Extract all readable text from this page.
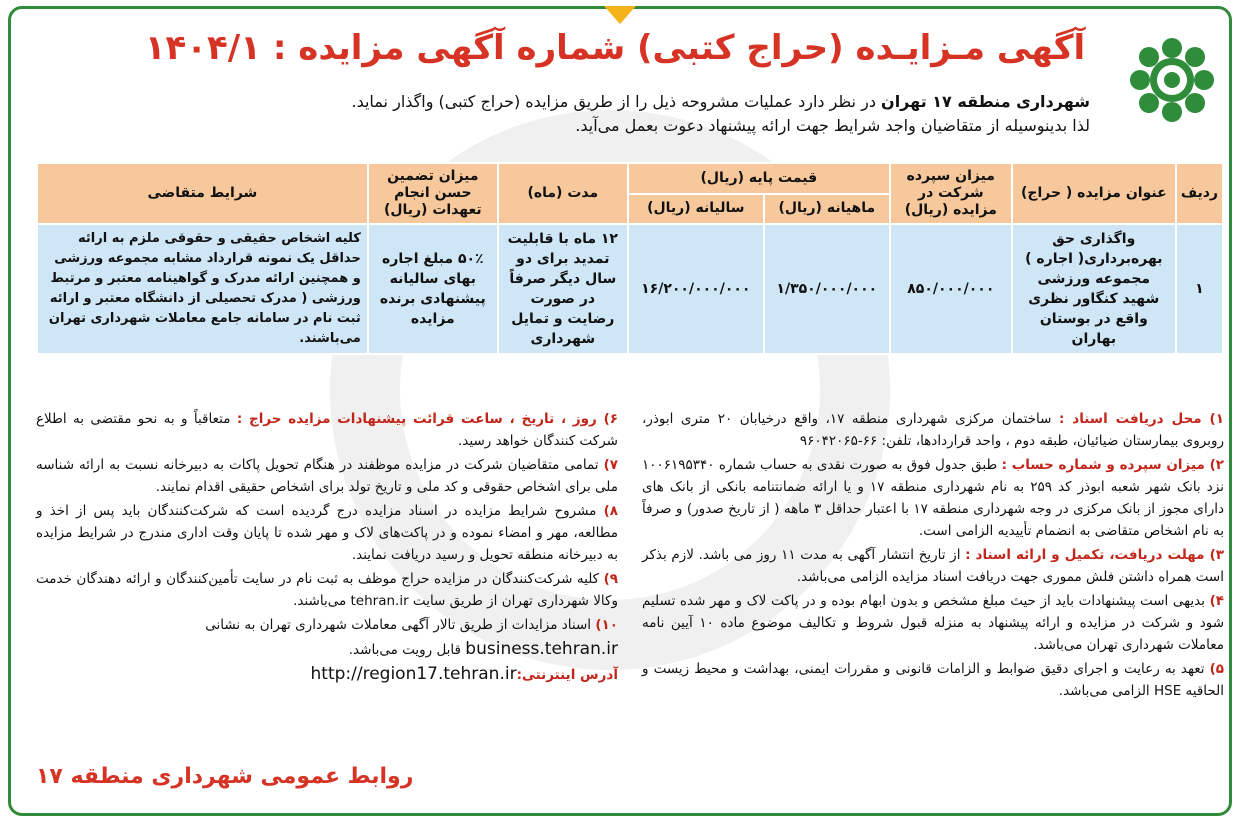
آگهی مـزایـده (حراج کتبی) شماره آگهی مزایده : ۱۴۰۴/۱
شهرداری منطقه ۱۷ تهران در نظر دارد عملیات مشروحه ذیل را از طریق مزایده (حراج کتبی) واگذار نماید.
لذا بدینوسیله از متقاضیان واجد شرایط جهت ارائه پیشنهاد دعوت بعمل می‌آید.
ردیف	عنوان مزایده ( حراج)	میزان سپرده شرکت در مزایده (ریال)	قیمت پایه (ریال)		مدت (ماه)	میزان تضمین حسن انجام تعهدات (ریال)	شرایط متقاضی
			ماهیانه (ریال)	سالیانه (ریال)			
۱	واگذاری حق بهره‌برداری( اجاره ) مجموعه ورزشی شهید کنگاور نظری واقع در بوستان بهاران	۸۵۰/۰۰۰/۰۰۰	۱/۳۵۰/۰۰۰/۰۰۰	۱۶/۲۰۰/۰۰۰/۰۰۰	۱۲ ماه با قابلیت تمدید برای دو سال دیگر صرفاً در صورت رضایت و تمایل شهرداری	۵۰٪ مبلغ اجاره بهای سالیانه پیشنهادی برنده مزایده	کلیه اشخاص حقیقی و حقوقی ملزم به ارائه حداقل یک نمونه قرارداد مشابه مجموعه ورزشی و همچنین ارائه مدرک و گواهینامه معتبر و مرتبط ورزشی ( مدرک تحصیلی از دانشگاه معتبر و ارائه ثبت نام در سامانه جامع معاملات شهرداری تهران می‌باشند.

۱) محل دریافت اسناد : ساختمان مرکزی شهرداری منطقه ۱۷، واقع درخیابان ۲۰ متری ابوذر، روبروی بیمارستان ضیائیان، طبقه دوم ، واحد قراردادها، تلفن: ۶۶-۹۶۰۴۲۰۶۵

۲) میزان سپرده و شماره حساب : طبق جدول فوق به صورت نقدی به حساب شماره ۱۰۰۶۱۹۵۳۴۰ نزد بانک شهر شعبه ابوذر کد ۲۵۹ به نام شهرداری منطقه ۱۷ و یا ارائه ضمانتنامه بانکی از بانک های دارای مجوز از بانک مرکزی در وجه شهرداری منطقه ۱۷ با اعتبار حداقل ۳ ماهه ( از تاریخ صدور) و صرفاً به نام اشخاص متقاضی به انضمام تأییدیه الزامی است.

۳) مهلت دریافت، تکمیل و ارائه اسناد : از تاریخ انتشار آگهی به مدت ۱۱ روز می باشد. لازم بذکر است همراه داشتن فلش مموری جهت دریافت اسناد مزایده الزامی می‌باشد.

۴) بدیهی است پیشنهادات باید از حیث مبلغ مشخص و بدون ابهام بوده و در پاکت لاک و مهر شده تسلیم شود و شرکت در مزایده و ارائه پیشنهاد به منزله قبول شروط و تکالیف موضوع ماده ۱۰ آیین نامه معاملات شهرداری تهران می‌باشد.

۵) تعهد به رعایت و اجرای دقیق ضوابط و الزامات قانونی و مقررات ایمنی، بهداشت و محیط زیست و الحاقیه HSE الزامی می‌باشد.

۶) روز ، تاریخ ، ساعت قرائت پیشنهادات مزایده حراج : متعاقباً و به نحو مقتضی به اطلاع شرکت کنندگان خواهد رسید.

۷) تمامی متقاضیان شرکت در مزایده موظفند در هنگام تحویل پاکات به دبیرخانه نسبت به ارائه شناسه ملی برای اشخاص حقوقی و کد ملی و تاریخ تولد برای اشخاص حقیقی اقدام نمایند.

۸) مشروح شرایط مزایده در اسناد مزایده درج گردیده است که شرکت‌کنندگان باید پس از اخذ و مطالعه، مهر و امضاء نموده و در پاکت‌های لاک و مهر شده تا پایان وقت اداری مندرج در شرایط مزایده به دبیرخانه منطقه تحویل و رسید دریافت نمایند.

۹) کلیه شرکت‌کنندگان در مزایده حراج موظف به ثبت نام در سایت تأمین‌کنندگان و ارائه دهندگان خدمت وکالا شهرداری تهران از طریق سایت tehran.ir می‌باشند.

۱۰) اسناد مزایدات از طریق تالار آگهی معاملات شهرداری تهران به نشانی

business.tehran.ir قابل رویت می‌باشد.

آدرس اینترنتی:http://region17.tehran.ir

روابط عمومی شهرداری منطقه ۱۷
